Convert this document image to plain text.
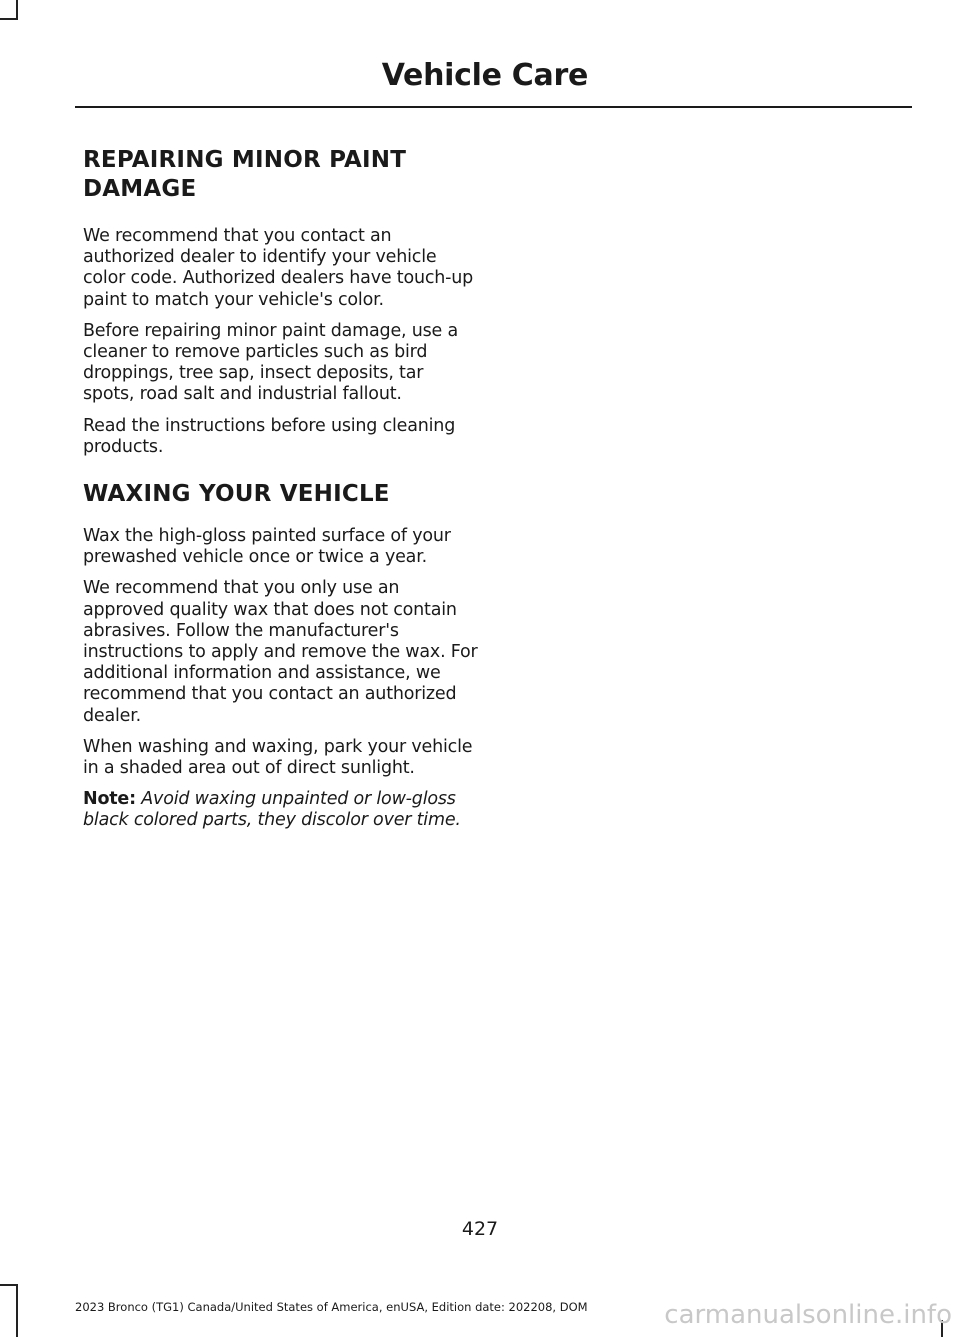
Vehicle Care
REPAIRING MINOR PAINT
DAMAGE

We recommend that you contact an authorized dealer to identify your vehicle color code. Authorized dealers have touch-up paint to match your vehicle's color.

Before repairing minor paint damage, use a cleaner to remove particles such as bird droppings, tree sap, insect deposits, tar spots, road salt and industrial fallout.

Read the instructions before using cleaning products.

WAXING YOUR VEHICLE

Wax the high-gloss painted surface of your prewashed vehicle once or twice a year.

We recommend that you only use an approved quality wax that does not contain abrasives. Follow the manufacturer's instructions to apply and remove the wax. For additional information and assistance, we recommend that you contact an authorized dealer.

When washing and waxing, park your vehicle in a shaded area out of direct sunlight.

Note: Avoid waxing unpainted or low-gloss black colored parts, they discolor over time.

427
2023 Bronco (TG1) Canada/United States of America, enUSA, Edition date: 202208, DOM	carmanualsonline.info
